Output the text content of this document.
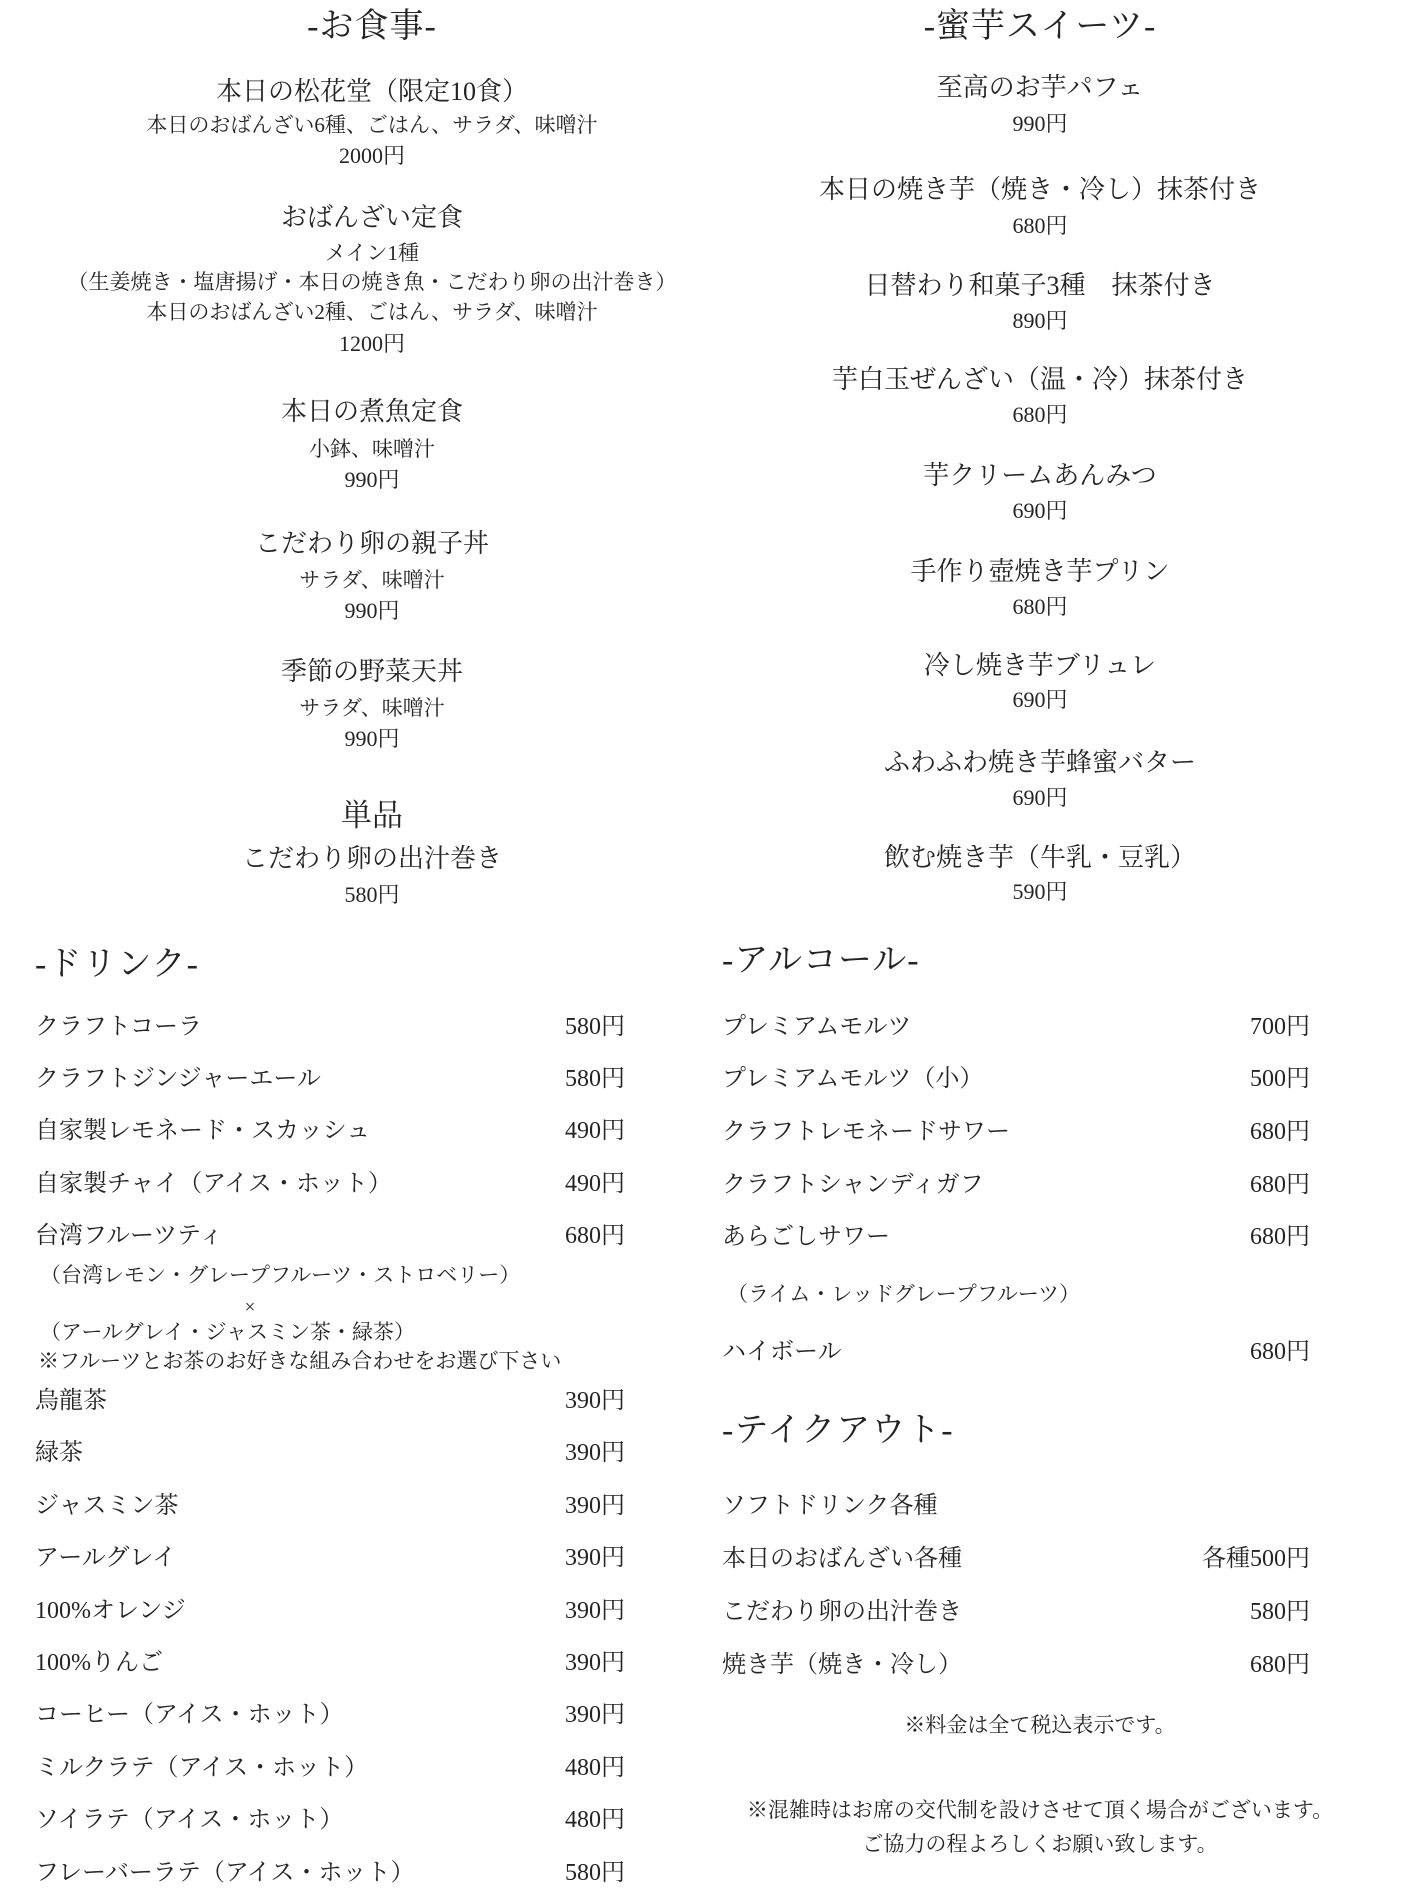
-お食事-
本日の松花堂（限定10食）
本日のおばんざい6種、ごはん、サラダ、味噌汁
2000円
おばんざい定食
メイン1種
（生姜焼き・塩唐揚げ・本日の焼き魚・こだわり卵の出汁巻き）
本日のおばんざい2種、ごはん、サラダ、味噌汁
1200円
本日の煮魚定食
小鉢、味噌汁
990円
こだわり卵の親子丼
サラダ、味噌汁
990円
季節の野菜天丼
サラダ、味噌汁
990円
単品
こだわり卵の出汁巻き
580円
-蜜芋スイーツ-
至高のお芋パフェ
990円
本日の焼き芋（焼き・冷し）抹茶付き
680円
日替わり和菓子3種　抹茶付き
890円
芋白玉ぜんざい（温・冷）抹茶付き
680円
芋クリームあんみつ
690円
手作り壺焼き芋プリン
680円
冷し焼き芋ブリュレ
690円
ふわふわ焼き芋蜂蜜バター
690円
飲む焼き芋（牛乳・豆乳）
590円
-ドリンク-
クラフトコーラ	580円
クラフトジンジャーエール	580円
自家製レモネード・スカッシュ	490円
自家製チャイ（アイス・ホット）	490円
台湾フルーツティ	680円
（台湾レモン・グレープフルーツ・ストロベリー）
×
（アールグレイ・ジャスミン茶・緑茶）
※フルーツとお茶のお好きな組み合わせをお選び下さい
烏龍茶	390円
緑茶	390円
ジャスミン茶	390円
アールグレイ	390円
100%オレンジ	390円
100%りんご	390円
コーヒー（アイス・ホット）	390円
ミルクラテ（アイス・ホット）	480円
ソイラテ（アイス・ホット）	480円
フレーバーラテ（アイス・ホット）	580円
-アルコール-
プレミアムモルツ	700円
プレミアムモルツ（小）	500円
クラフトレモネードサワー	680円
クラフトシャンディガフ	680円
あらごしサワー	680円
（ライム・レッドグレープフルーツ）
ハイボール	680円
-テイクアウト-
ソフトドリンク各種
本日のおばんざい各種	各種500円
こだわり卵の出汁巻き	580円
焼き芋（焼き・冷し）	680円
※料金は全て税込表示です。
※混雑時はお席の交代制を設けさせて頂く場合がございます。
ご協力の程よろしくお願い致します。
